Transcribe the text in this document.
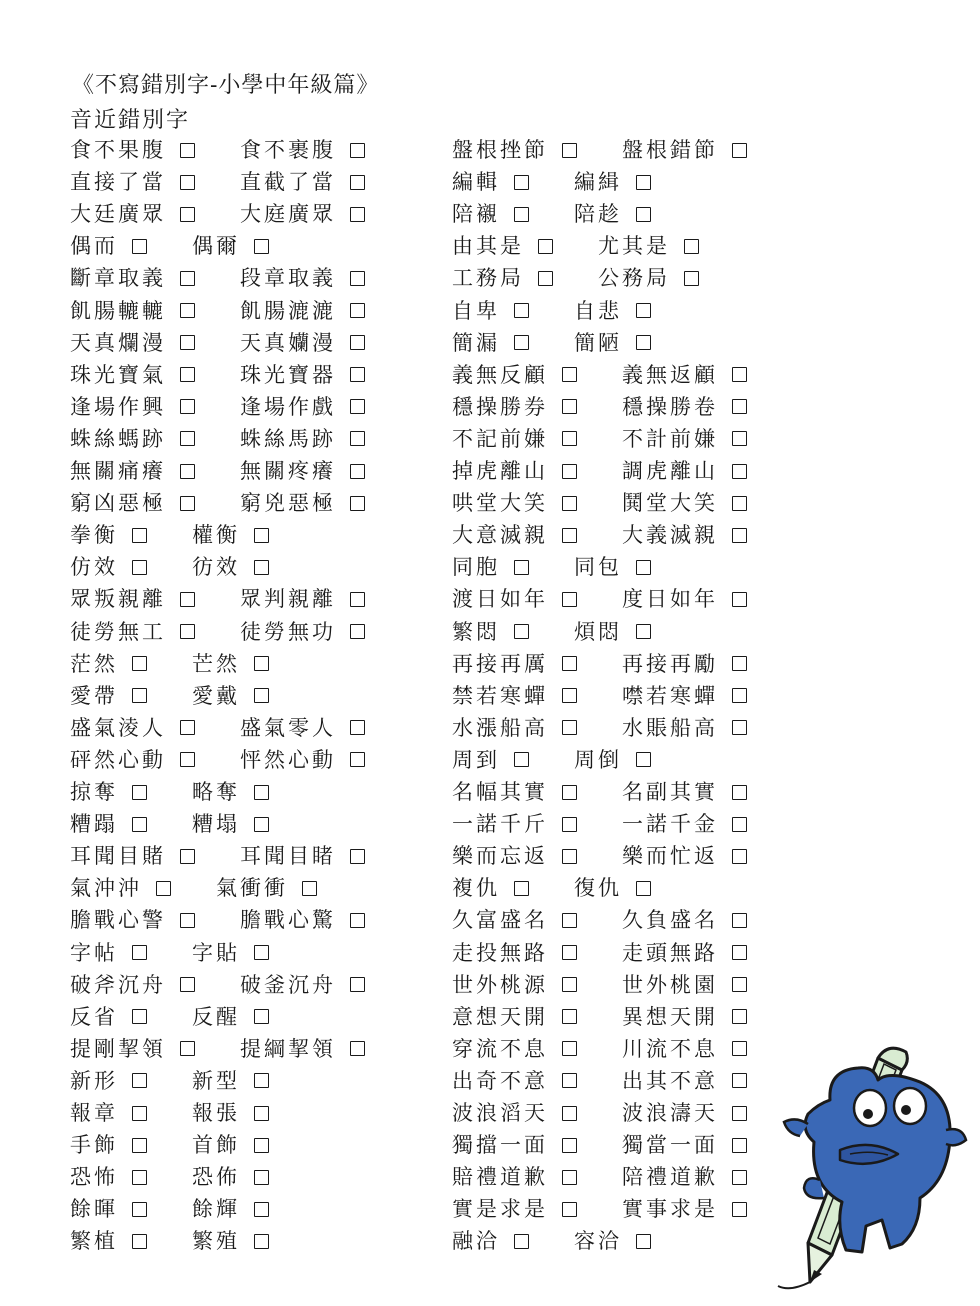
《不寫錯別字-小學中年級篇》
音近錯別字
食不果腹	食不裹腹	盤根挫節	盤根錯節
直接了當	直截了當	編輯	編緝
大廷廣眾	大庭廣眾	陪襯	陪趁
偶而	偶爾	由其是	尤其是
斷章取義	段章取義	工務局	公務局
飢腸轆轆	飢腸漉漉	自卑	自悲
天真爛漫	天真孏漫	簡漏	簡陋
珠光寶氣	珠光寶器	義無反顧	義無返顧
逢場作興	逢場作戲	穩操勝券	穩操勝卷
蛛絲螞跡	蛛絲馬跡	不記前嫌	不計前嫌
無關痛癢	無關疼癢	掉虎離山	調虎離山
窮凶惡極	窮兇惡極	哄堂大笑	鬨堂大笑
拳衡	權衡	大意滅親	大義滅親
仿效	彷效	同胞	同包
眾叛親離	眾判親離	渡日如年	度日如年
徒勞無工	徒勞無功	繁悶	煩悶
茫然	芒然	再接再厲	再接再勵
愛帶	愛戴	禁若寒蟬	噤若寒蟬
盛氣淩人	盛氣零人	水漲船高	水賬船高
砰然心動	怦然心動	周到	周倒
掠奪	略奪	名幅其實	名副其實
糟蹋	糟塌	一諾千斤	一諾千金
耳聞目賭	耳聞目睹	樂而忘返	樂而忙返
氣沖沖	氣衝衝	複仇	復仇
膽戰心警	膽戰心驚	久富盛名	久負盛名
字帖	字貼	走投無路	走頭無路
破斧沉舟	破釜沉舟	世外桃源	世外桃園
反省	反醒	意想天開	異想天開
提剛挈領	提綱挈領	穿流不息	川流不息
新形	新型	出奇不意	出其不意
報章	報張	波浪滔天	波浪濤天
手飾	首飾	獨擋一面	獨當一面
恐怖	恐佈	賠禮道歉	陪禮道歉
餘暉	餘輝	實是求是	實事求是
繁植	繁殖	融洽	容洽
